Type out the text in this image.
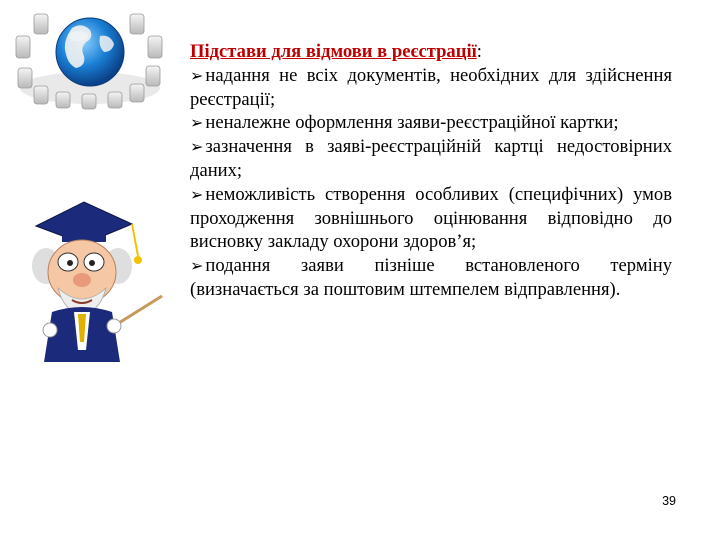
Підстави для відмови в реєстрації:

➢ надання не всіх документів, необхідних для здійснення реєстрації;
➢ неналежне оформлення заяви-реєстраційної картки;
➢ зазначення в заяві-реєстраційній картці недостовірних даних;
➢ неможливість створення особливих (специфічних) умов проходження зовнішнього оцінювання відповідно до висновку закладу охорони здоров’я;
➢ подання заяви пізніше встановленого терміну (визначається за поштовим штемпелем відправлення).
39
